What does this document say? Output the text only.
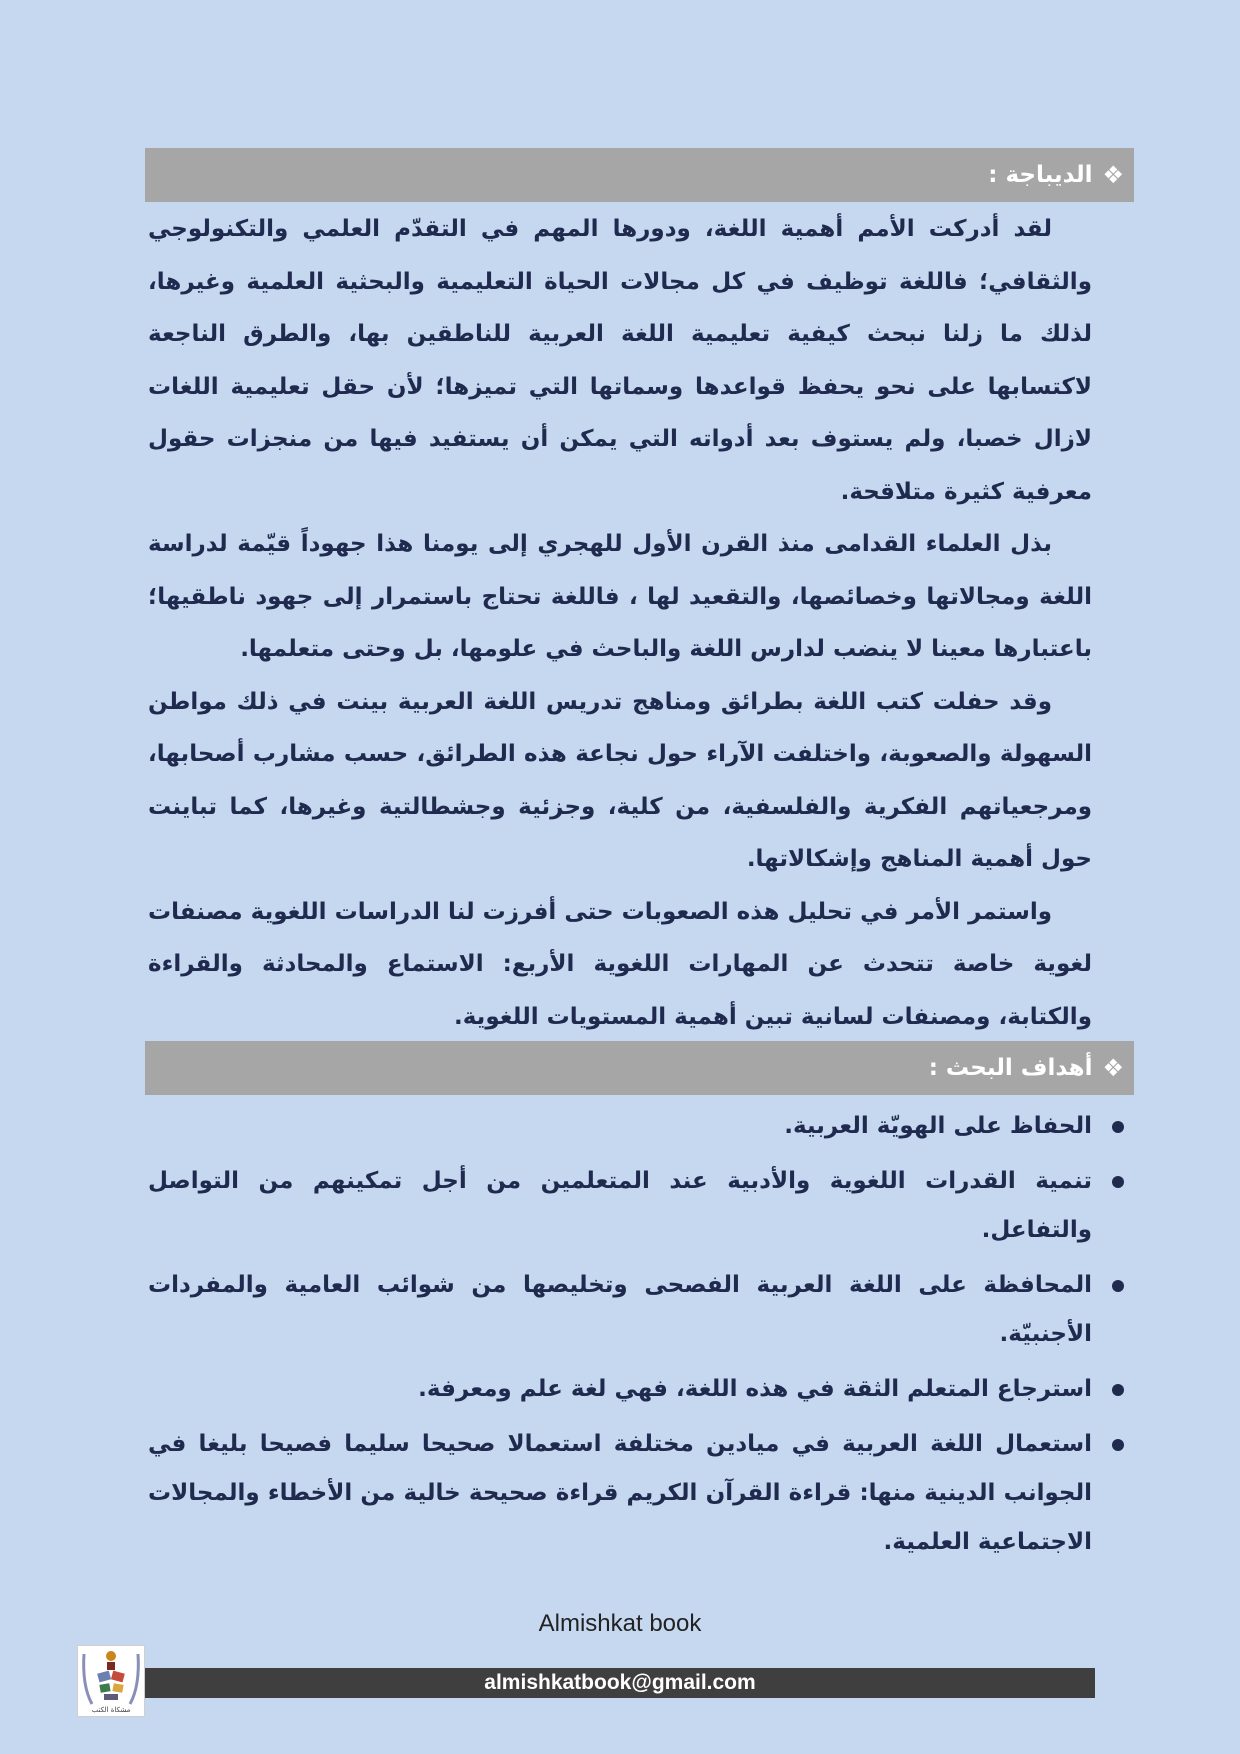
❖
الديباجة :

لقد أدركت الأمم أهمية اللغة، ودورها المهم في التقدّم العلمي والتكنولوجي والثقافي؛ فاللغة توظيف في كل مجالات الحياة التعليمية والبحثية العلمية وغيرها، لذلك ما زلنا نبحث كيفية تعليمية اللغة العربية للناطقين بها، والطرق الناجعة لاكتسابها على نحو يحفظ قواعدها وسماتها التي تميزها؛ لأن حقل تعليمية اللغات لازال خصبا، ولم يستوف بعد أدواته التي يمكن أن يستفيد فيها من منجزات حقول معرفية كثيرة متلاقحة.

بذل العلماء القدامى منذ القرن الأول للهجري إلى يومنا هذا جهوداً قيّمة لدراسة اللغة ومجالاتها وخصائصها، والتقعيد لها ، فاللغة تحتاج باستمرار إلى جهود ناطقيها؛ باعتبارها معينا لا ينضب لدارس اللغة والباحث في علومها، بل وحتى متعلمها.

وقد حفلت كتب اللغة بطرائق ومناهج تدريس اللغة العربية بينت في ذلك مواطن السهولة والصعوبة، واختلفت الآراء حول نجاعة هذه الطرائق، حسب مشارب أصحابها، ومرجعياتهم الفكرية والفلسفية، من كلية، وجزئية وجشطالتية وغيرها، كما تباينت حول أهمية المناهج وإشكالاتها.

واستمر الأمر في تحليل هذه الصعوبات حتى أفرزت لنا الدراسات اللغوية مصنفات لغوية خاصة تتحدث عن المهارات اللغوية الأربع: الاستماع والمحادثة والقراءة والكتابة، ومصنفات لسانية تبين أهمية المستويات اللغوية.

❖
أهداف البحث :
الحفاظ على الهويّة العربية.
تنمية القدرات اللغوية والأدبية عند المتعلمين من أجل تمكينهم من التواصل والتفاعل.
المحافظة على اللغة العربية الفصحى وتخليصها من شوائب العامية والمفردات الأجنبيّة.
استرجاع المتعلم الثقة في هذه اللغة، فهي لغة علم ومعرفة.
استعمال اللغة العربية في ميادين مختلفة استعمالا صحيحا سليما فصيحا بليغا في الجوانب الدينية منها: قراءة القرآن الكريم قراءة صحيحة خالية من الأخطاء والمجالات الاجتماعية العلمية.
Almishkat book
مشكاة الكتب
almishkatbook@gmail.com
